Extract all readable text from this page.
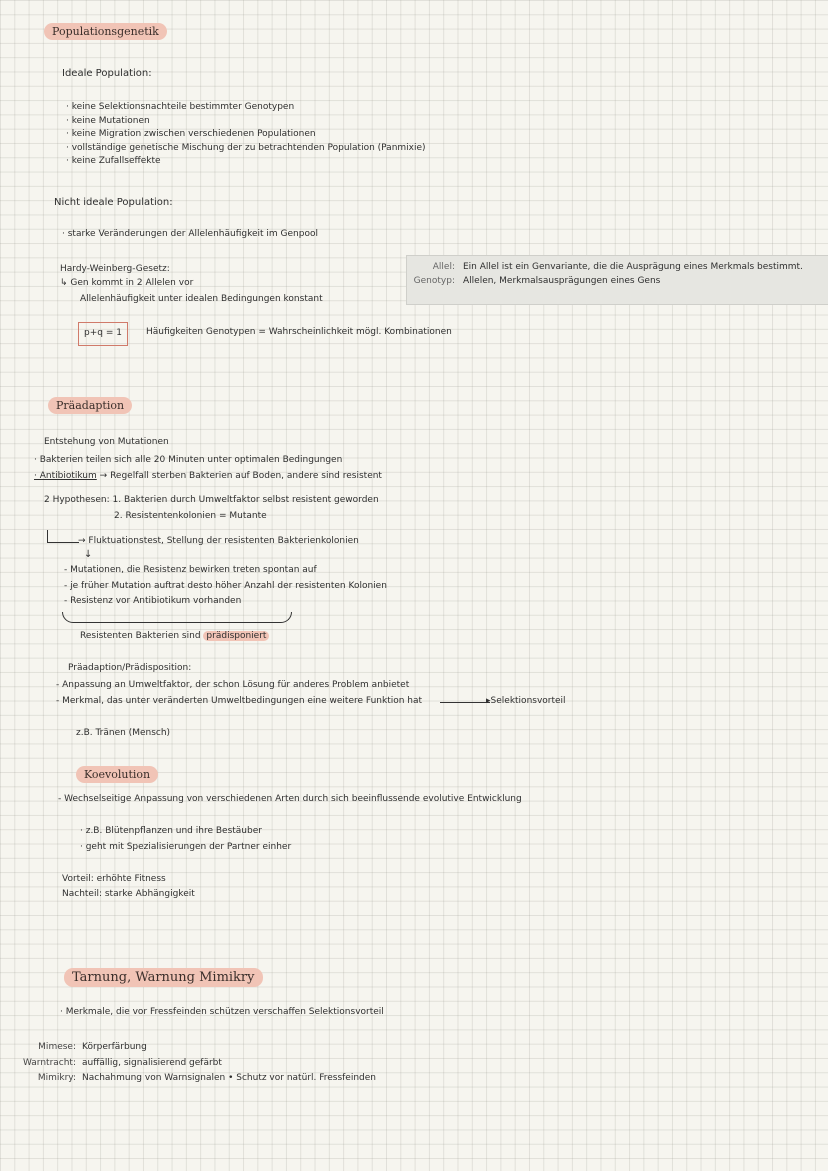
Populationsgenetik
Ideale Population:
· keine Selektionsnachteile bestimmter Genotypen
· keine Mutationen
· keine Migration zwischen verschiedenen Populationen
· vollständige genetische Mischung der zu betrachtenden Population (Panmixie)
· keine Zufallseffekte
Nicht ideale Population:
· starke Veränderungen der Allelenhäufigkeit im Genpool
Hardy-Weinberg-Gesetz:
↳ Gen kommt in 2 Allelen vor
Allelenhäufigkeit unter idealen Bedingungen konstant
p+q = 1	Häufigkeiten Genotypen = Wahrscheinlichkeit mögl. Kombinationen
Allel: Ein Allel ist ein Genvariante, die die Ausprägung eines Merkmals bestimmt.
Genotyp: Allelen, Merkmalsausprägungen eines Gens
Präadaption
Entstehung von Mutationen
· Bakterien teilen sich alle 20 Minuten unter optimalen Bedingungen
· Antibiotikum → Regelfall sterben Bakterien auf Boden, andere sind resistent
2 Hypothesen: 1. Bakterien durch Umweltfaktor selbst resistent geworden
2. Resistentenkolonien = Mutante
→ Fluktuationstest, Stellung der resistenten Bakterienkolonien
↓
- Mutationen, die Resistenz bewirken treten spontan auf
- je früher Mutation auftrat desto höher Anzahl der resistenten Kolonien
- Resistenz vor Antibiotikum vorhanden
Resistenten Bakterien sind prädisponiert
Präadaption/Prädisposition:
- Anpassung an Umweltfaktor, der schon Lösung für anderes Problem anbietet
- Merkmal, das unter veränderten Umweltbedingungen eine weitere Funktion hat	▸Selektionsvorteil
z.B. Tränen (Mensch)
Koevolution
- Wechselseitige Anpassung von verschiedenen Arten durch sich beeinflussende evolutive Entwicklung
· z.B. Blütenpflanzen und ihre Bestäuber
· geht mit Spezialisierungen der Partner einher
Vorteil: erhöhte Fitness
Nachteil: starke Abhängigkeit
Tarnung, Warnung Mimikry
· Merkmale, die vor Fressfeinden schützen verschaffen Selektionsvorteil
Mimese: Körperfärbung
Warntracht: auffällig, signalisierend gefärbt
Mimikry: Nachahmung von Warnsignalen • Schutz vor natürl. Fressfeinden
